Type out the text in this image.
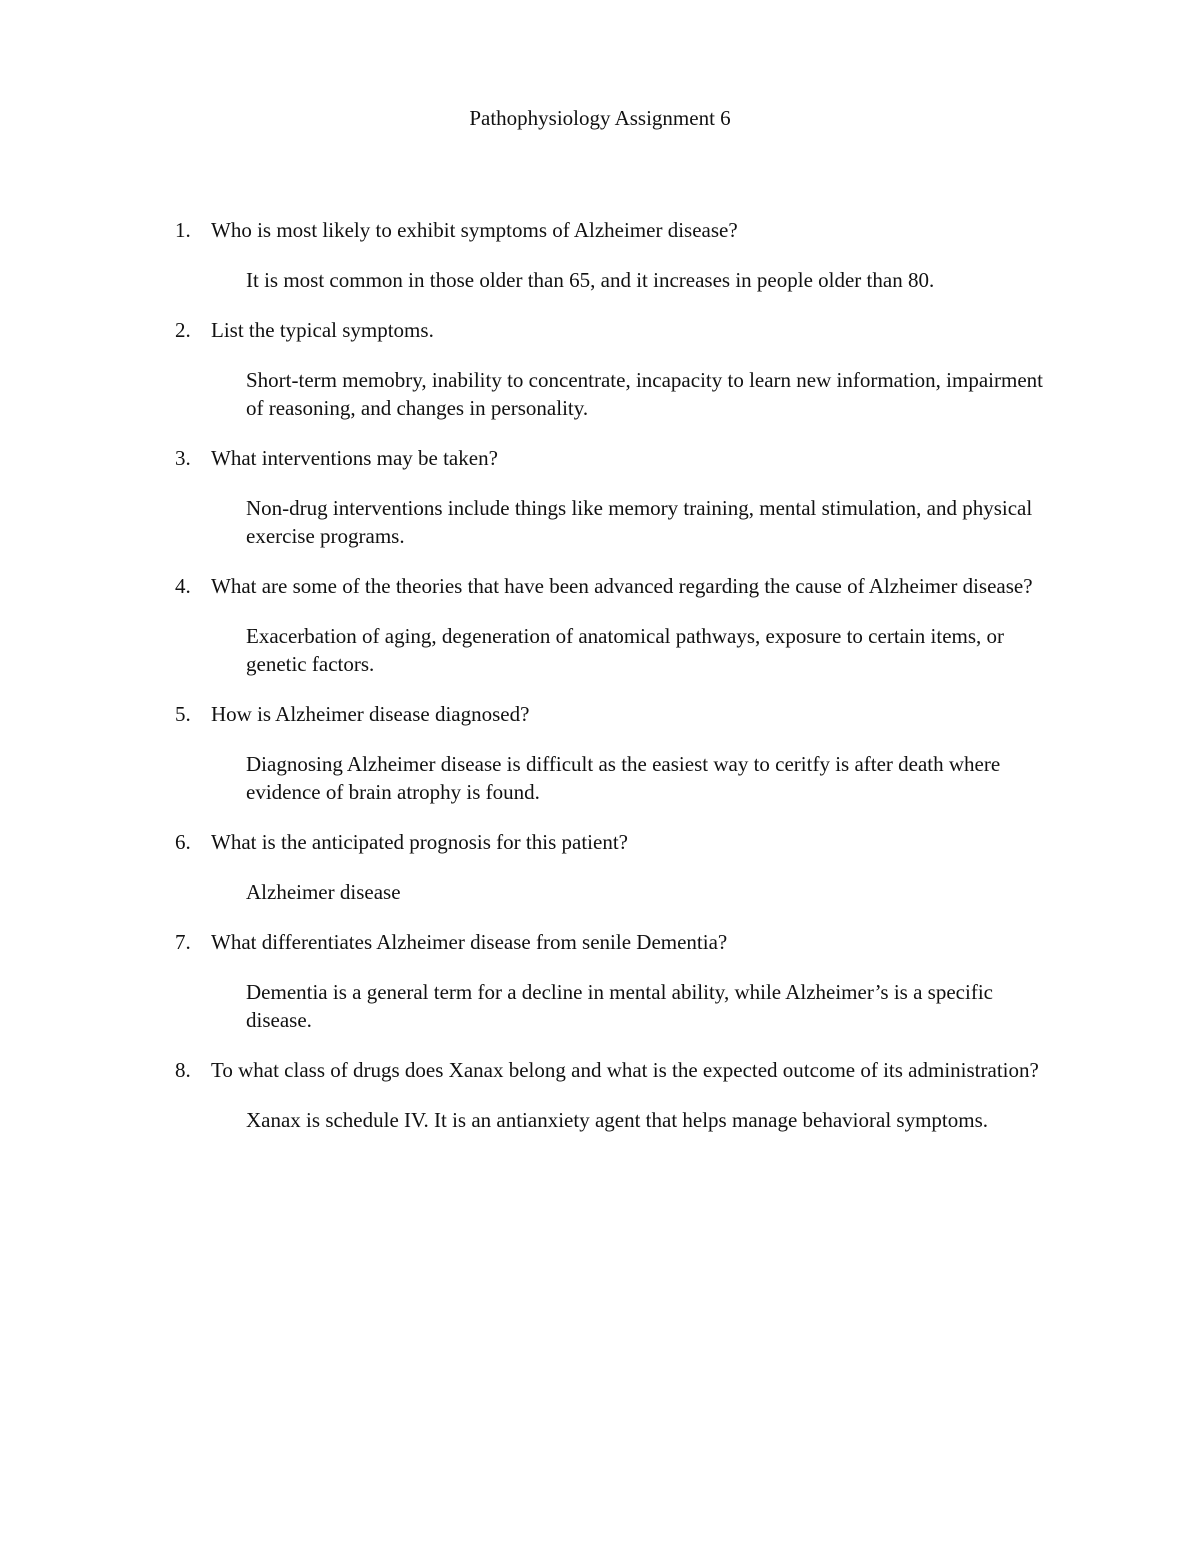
Pathophysiology Assignment 6
1. Who is most likely to exhibit symptoms of Alzheimer disease?
It is most common in those older than 65, and it increases in people older than 80.
2. List the typical symptoms.
Short-term memobry, inability to concentrate, incapacity to learn new information, impairment of reasoning, and changes in personality.
3. What interventions may be taken?
Non-drug interventions include things like memory training, mental stimulation, and physical exercise programs.
4. What are some of the theories that have been advanced regarding the cause of Alzheimer disease?
Exacerbation of aging, degeneration of anatomical pathways, exposure to certain items, or genetic factors.
5. How is Alzheimer disease diagnosed?
Diagnosing Alzheimer disease is difficult as the easiest way to ceritfy is after death where evidence of brain atrophy is found.
6. What is the anticipated prognosis for this patient?
Alzheimer disease
7. What differentiates Alzheimer disease from senile Dementia?
Dementia is a general term for a decline in mental ability, while Alzheimer’s is a specific disease.
8. To what class of drugs does Xanax belong and what is the expected outcome of its administration?
Xanax is schedule IV. It is an antianxiety agent that helps manage behavioral symptoms.
